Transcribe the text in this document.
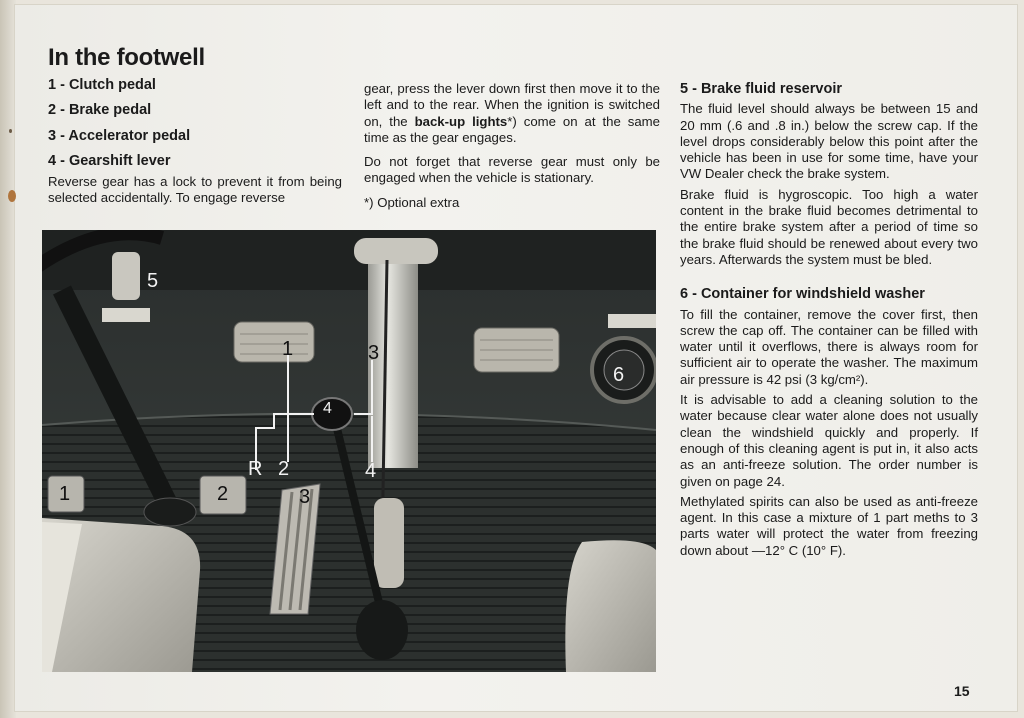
In the footwell
1 - Clutch pedal
2 - Brake pedal
3 - Accelerator pedal
4 - Gearshift lever
Reverse gear has a lock to prevent it from being selected accidentally. To engage reverse

gear, press the lever down first then move it to the left and to the rear. When the ignition is switched on, the back-up lights*) come on at the same time as the gear engages.

Do not forget that reverse gear must only be engaged when the vehicle is stationary.

*) Optional extra

5 - Brake fluid reservoir

The fluid level should always be between 15 and 20 mm (.6 and .8 in.) below the screw cap. If the level drops considerably below this point after the vehicle has been in use for some time, have your VW Dealer check the brake system.

Brake fluid is hygroscopic. Too high a water content in the brake fluid becomes detrimental to the entire brake system after a period of time so the brake fluid should be renewed about every two years. Afterwards the system must be bled.

6 - Container for windshield washer

To fill the container, remove the cover first, then screw the cap off. The container can be filled with water until it overflows, there is always room for sufficient air to operate the washer. The maximum air pressure is 42 psi (3 kg/cm²).

It is advisable to add a cleaning solution to the water because clear water alone does not usually clean the windshield quickly and properly. If enough of this cleaning agent is put in, it also acts as an anti-freeze solution. The order number is given on page 24.

Methylated spirits can also be used as anti-freeze agent. In this case a mixture of 1 part meths to 3 parts water will protect the water from freezing down about —12° C (10° F).

5
1	3
6
4
R 2	4
1	2	3
15
